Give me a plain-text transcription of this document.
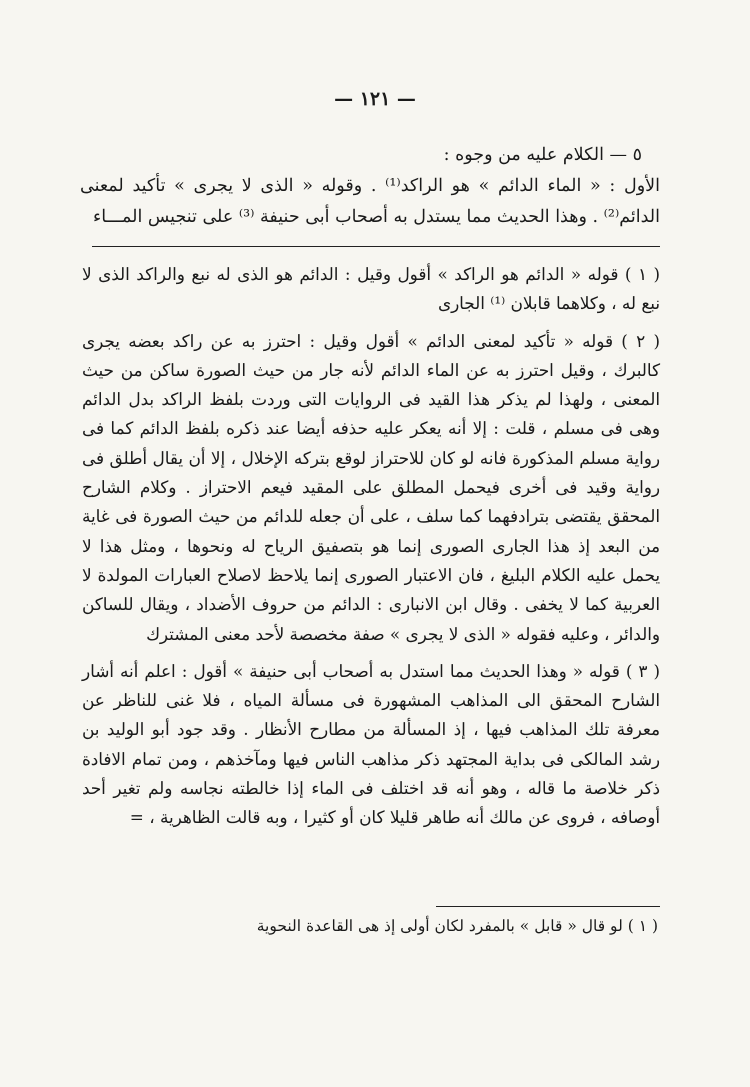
— ١٢١ —

٥ — الكلام عليه من وجوه :

الأول : « الماء الدائم » هو الراكد⁽¹⁾ . وقوله « الذى لا يجرى » تأكيد لمعنى الدائم⁽²⁾ . وهذا الحديث مما يستدل به أصحاب أبى حنيفة ⁽³⁾ على تنجيس المـــاء

( ١ ) قوله « الدائم هو الراكد » أقول وقيل : الدائم هو الذى له نبع والراكد الذى لا نبع له ، وكلاهما قابلان ⁽¹⁾ الجارى

( ٢ ) قوله « تأكيد لمعنى الدائم » أقول وقيل : احترز به عن راكد بعضه يجرى كالبرك ، وقيل احترز به عن الماء الدائم لأنه جار من حيث الصورة ساكن من حيث المعنى ، ولهذا لم يذكر هذا القيد فى الروايات التى وردت بلفظ الراكد بدل الدائم وهى فى مسلم ، قلت : إلا أنه يعكر عليه حذفه أيضا عند ذكره بلفظ الدائم كما فى رواية مسلم المذكورة فانه لو كان للاحتراز لوقع بتركه الإخلال ، إلا أن يقال أطلق فى رواية وقيد فى أخرى فيحمل المطلق على المقيد فيعم الاحتراز . وكلام الشارح المحقق يقتضى بترادفهما كما سلف ، على أن جعله للدائم من حيث الصورة فى غاية من البعد إذ هذا الجارى الصورى إنما هو بتصفيق الرياح له ونحوها ، ومثل هذا لا يحمل عليه الكلام البليغ ، فان الاعتبار الصورى إنما يلاحظ لاصلاح العبارات المولدة لا العربية كما لا يخفى . وقال ابن الانبارى : الدائم من حروف الأضداد ، ويقال للساكن والدائر ، وعليه فقوله « الذى لا يجرى » صفة مخصصة لأحد معنى المشترك

( ٣ ) قوله « وهذا الحديث مما استدل به أصحاب أبى حنيفة » أقول : اعلم أنه أشار الشارح المحقق الى المذاهب المشهورة فى مسألة المياه ، فلا غنى للناظر عن معرفة تلك المذاهب فيها ، إذ المسألة من مطارح الأنظار . وقد جود أبو الوليد بن رشد المالكى فى بداية المجتهد ذكر مذاهب الناس فيها ومآخذهم ، ومن تمام الافادة ذكر خلاصة ما قاله ، وهو أنه قد اختلف فى الماء إذا خالطته نجاسه ولم تغير أحد أوصافه ، فروى عن مالك أنه طاهر قليلا كان أو كثيرا ، وبه قالت الظاهرية ، =

( ١ ) لو قال « قابل » بالمفرد لكان أولى إذ هى القاعدة النحوية
